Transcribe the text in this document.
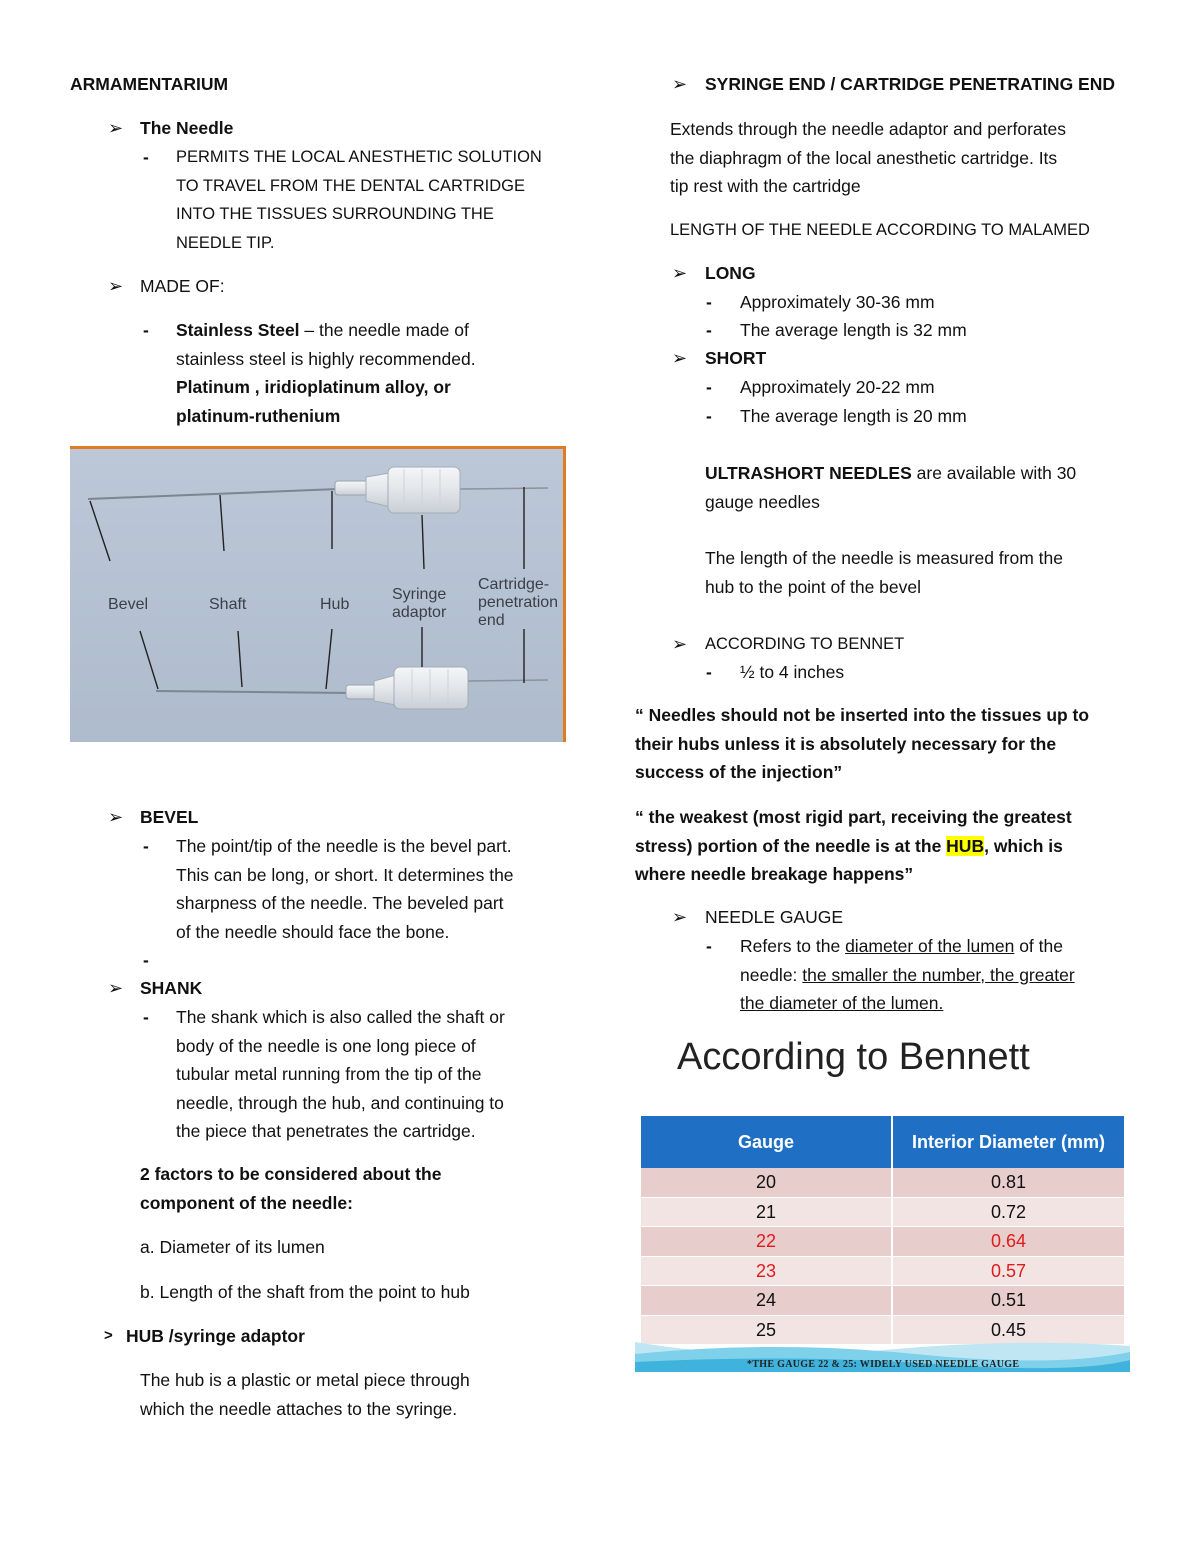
ARMAMENTARIUM
➢ The Needle
- PERMITS THE LOCAL ANESTHETIC SOLUTION
TO TRAVEL FROM THE DENTAL CARTRIDGE
INTO THE TISSUES SURROUNDING THE
NEEDLE TIP.
➢ MADE OF:
- Stainless Steel – the needle made of
stainless steel is highly recommended.
Platinum , iridioplatinum alloy, or
platinum-ruthenium
Bevel	Shaft	Hub
Syringe
adaptor
Cartridge-
penetration
end
➢ BEVEL
- The point/tip of the needle is the bevel part.
This can be long, or short. It determines the
sharpness of the needle. The beveled part
of the needle should face the bone.
-
➢ SHANK
- The shank which is also called the shaft or
body of the needle is one long piece of
tubular metal running from the tip of the
needle, through the hub, and continuing to
the piece that penetrates the cartridge.
2 factors to be considered about the
component of the needle:
a. Diameter of its lumen
b. Length of the shaft from the point to hub
> HUB /syringe adaptor
The hub is a plastic or metal piece through
which the needle attaches to the syringe.
➢ SYRINGE END / CARTRIDGE PENETRATING END
Extends through the needle adaptor and perforates
the diaphragm of the local anesthetic cartridge. Its
tip rest with the cartridge
LENGTH OF THE NEEDLE ACCORDING TO MALAMED
➢ LONG
- Approximately 30-36 mm
- The average length is 32 mm
➢ SHORT
- Approximately 20-22 mm
- The average length is 20 mm
ULTRASHORT NEEDLES are available with 30
gauge needles
The length of the needle is measured from the
hub to the point of the bevel
➢ ACCORDING TO BENNET
- ½ to 4 inches
“ Needles should not be inserted into the tissues up to
their hubs unless it is absolutely necessary for the
success of the injection”
“ the weakest (most rigid part, receiving the greatest
stress) portion of the needle is at the HUB, which is
where needle breakage happens”
➢ NEEDLE GAUGE
- Refers to the diameter of the lumen of the
needle: the smaller the number, the greater
the diameter of the lumen.
According to Bennett
Gauge	Interior Diameter (mm)
20	0.81
21	0.72
22	0.64
23	0.57
24	0.51
25	0.45
*THE GAUGE 22 & 25: WIDELY USED NEEDLE GAUGE
